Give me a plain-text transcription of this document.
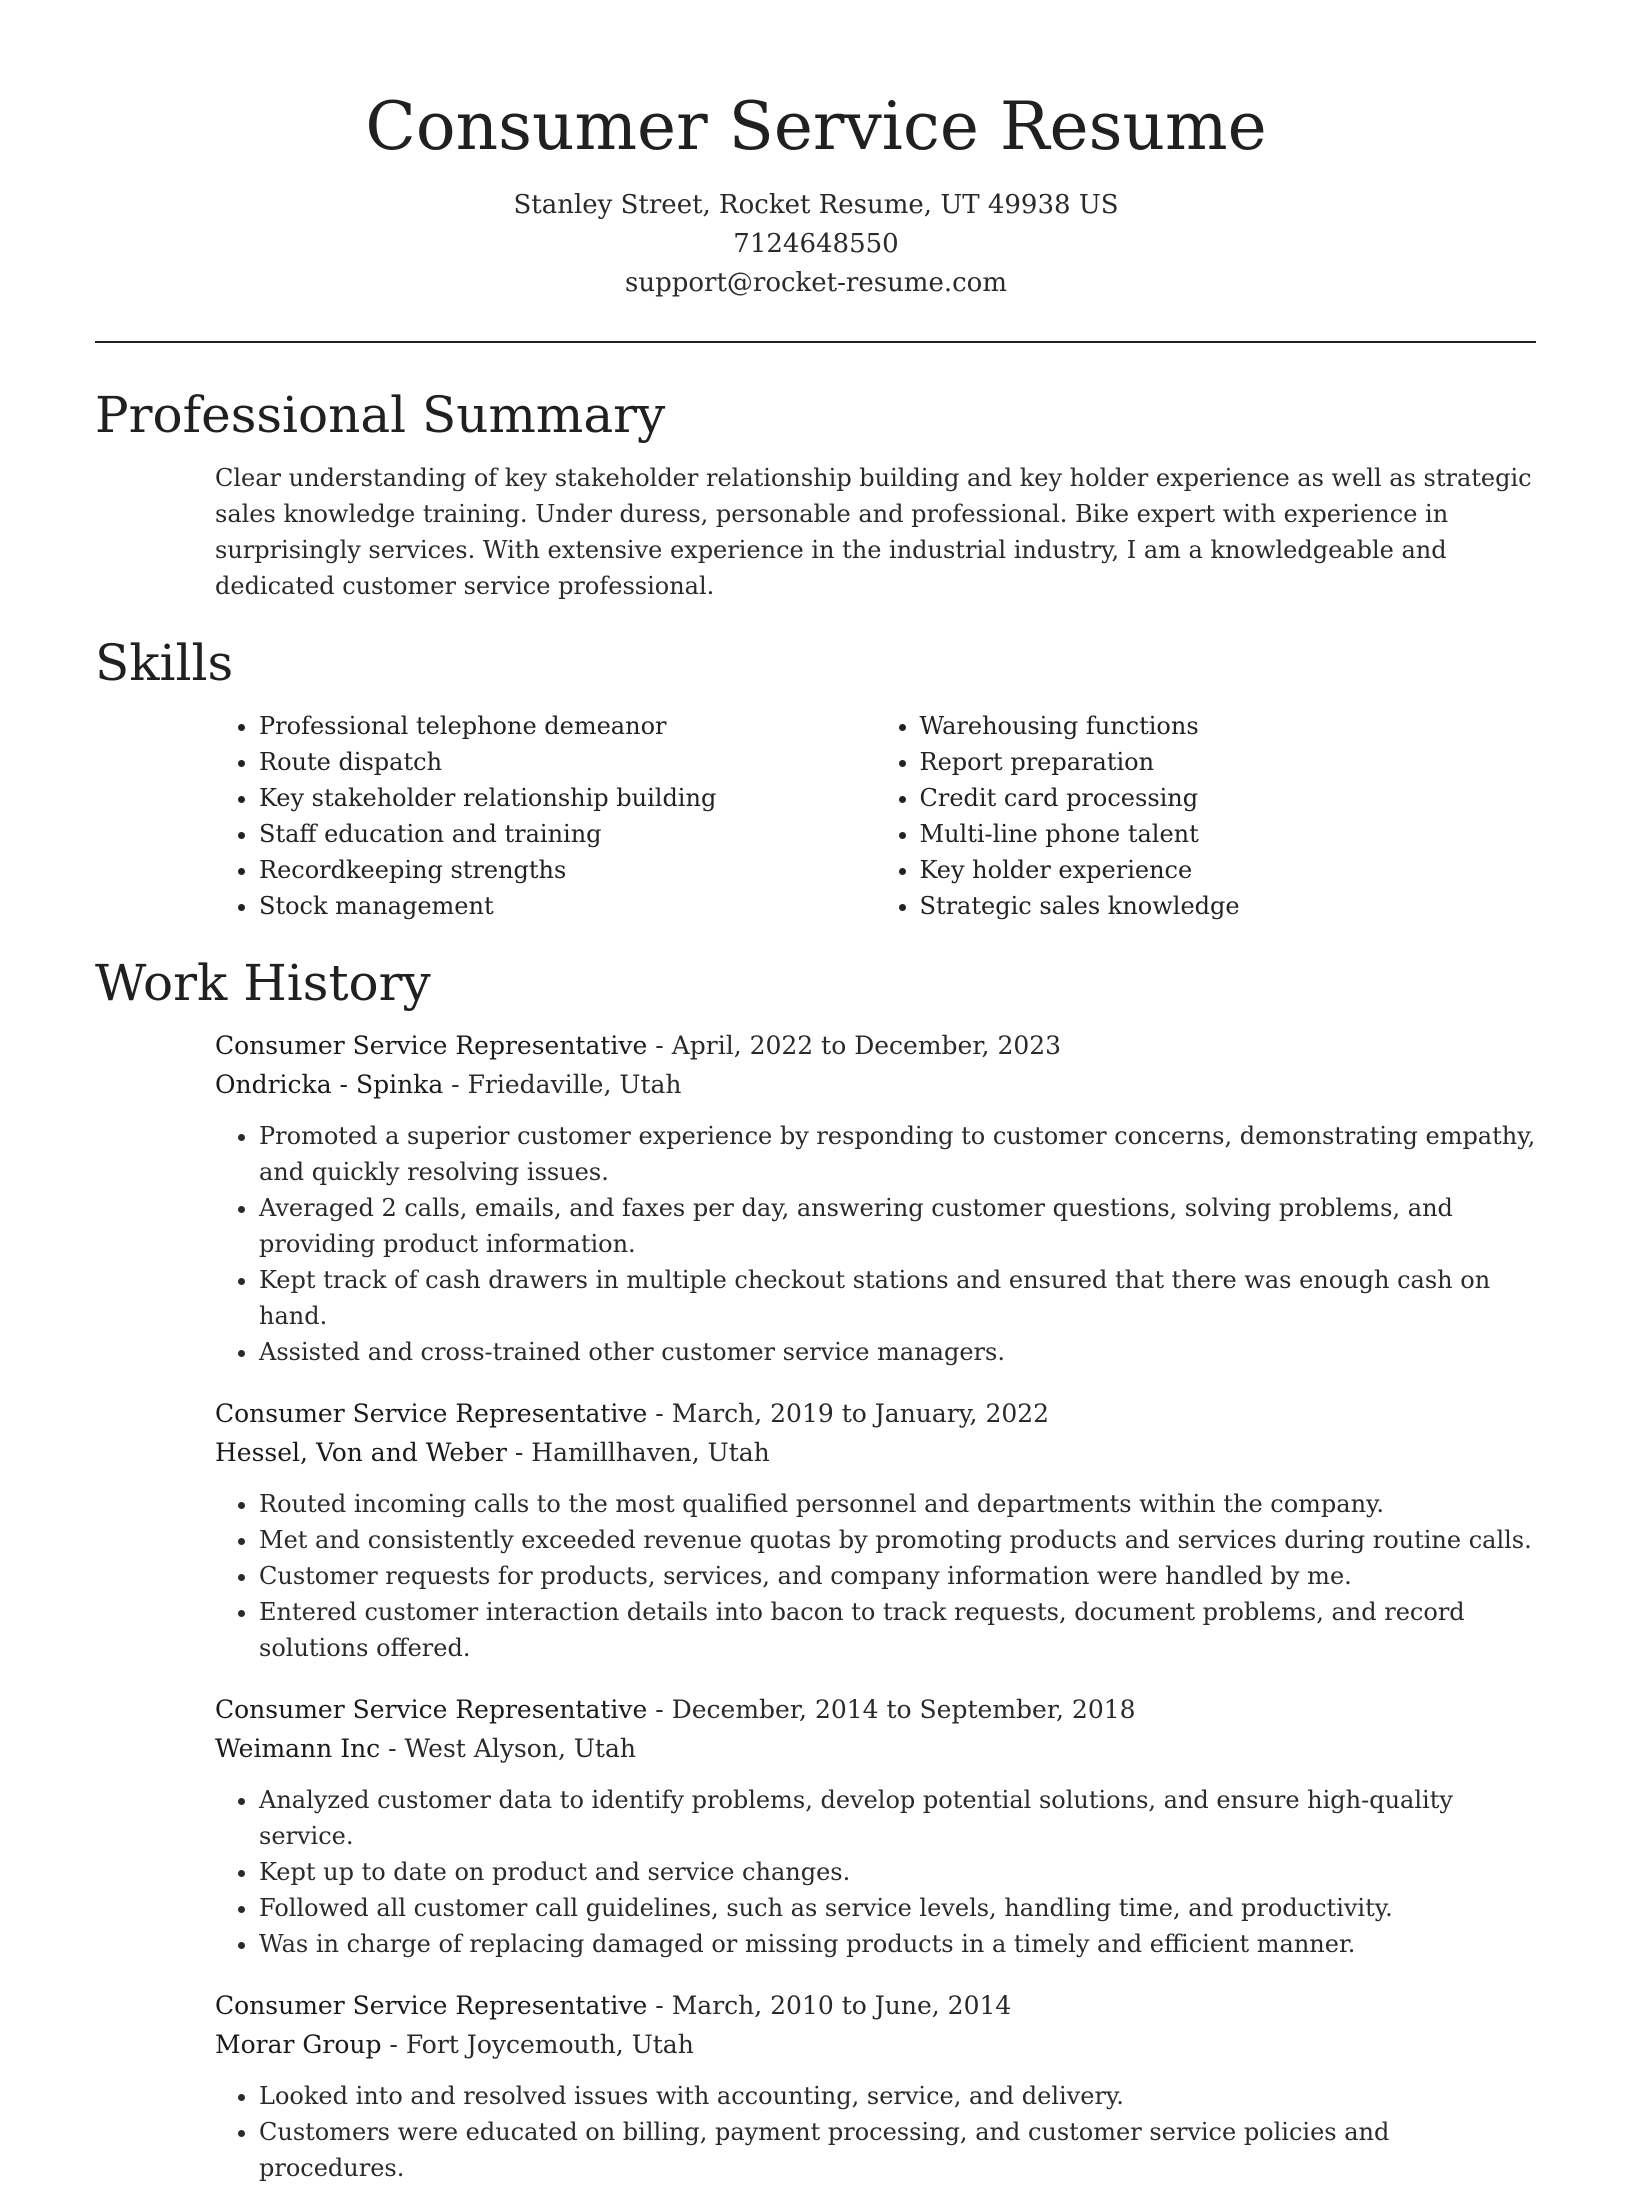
Consumer Service Resume
Stanley Street, Rocket Resume, UT 49938 US
7124648550
support@rocket-resume.com
Professional Summary

Clear understanding of key stakeholder relationship building and key holder experience as well as strategic sales knowledge training. Under duress, personable and professional. Bike expert with experience in surprisingly services. With extensive experience in the industrial industry, I am a knowledgeable and dedicated customer service professional.

Skills
• Professional telephone demeanor
• Route dispatch
• Key stakeholder relationship building
• Staff education and training
• Recordkeeping strengths
• Stock management
• Warehousing functions
• Report preparation
• Credit card processing
• Multi-line phone talent
• Key holder experience
• Strategic sales knowledge
Work History
Consumer Service Representative - April, 2022 to December, 2023
Ondricka - Spinka - Friedaville, Utah
• Promoted a superior customer experience by responding to customer concerns, demonstrating empathy, and quickly resolving issues.
• Averaged 2 calls, emails, and faxes per day, answering customer questions, solving problems, and providing product information.
• Kept track of cash drawers in multiple checkout stations and ensured that there was enough cash on hand.
• Assisted and cross-trained other customer service managers.
Consumer Service Representative - March, 2019 to January, 2022
Hessel, Von and Weber - Hamillhaven, Utah
• Routed incoming calls to the most qualified personnel and departments within the company.
• Met and consistently exceeded revenue quotas by promoting products and services during routine calls.
• Customer requests for products, services, and company information were handled by me.
• Entered customer interaction details into bacon to track requests, document problems, and record solutions offered.
Consumer Service Representative - December, 2014 to September, 2018
Weimann Inc - West Alyson, Utah
• Analyzed customer data to identify problems, develop potential solutions, and ensure high-quality service.
• Kept up to date on product and service changes.
• Followed all customer call guidelines, such as service levels, handling time, and productivity.
• Was in charge of replacing damaged or missing products in a timely and efficient manner.
Consumer Service Representative - March, 2010 to June, 2014
Morar Group - Fort Joycemouth, Utah
• Looked into and resolved issues with accounting, service, and delivery.
• Customers were educated on billing, payment processing, and customer service policies and procedures.
